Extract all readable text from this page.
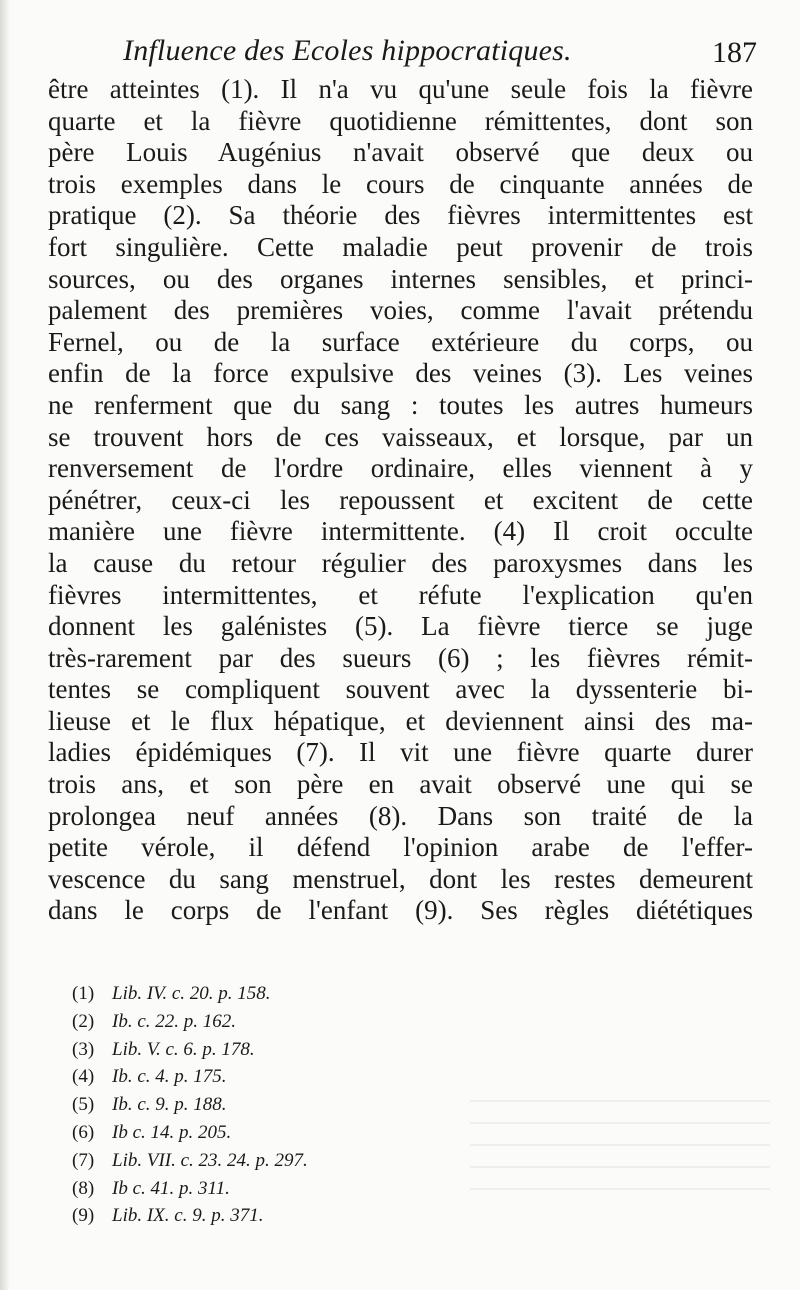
Influence des Ecoles hippocratiques.	187
être atteintes (1). Il n'a vu qu'une seule fois la fièvre
quarte et la fièvre quotidienne rémittentes, dont son
père Louis Augénius n'avait observé que deux ou
trois exemples dans le cours de cinquante années de
pratique (2). Sa théorie des fièvres intermittentes est
fort singulière. Cette maladie peut provenir de trois
sources, ou des organes internes sensibles, et princi-
palement des premières voies, comme l'avait prétendu
Fernel, ou de la surface extérieure du corps, ou
enfin de la force expulsive des veines (3). Les veines
ne renferment que du sang : toutes les autres humeurs
se trouvent hors de ces vaisseaux, et lorsque, par un
renversement de l'ordre ordinaire, elles viennent à y
pénétrer, ceux-ci les repoussent et excitent de cette
manière une fièvre intermittente. (4) Il croit occulte
la cause du retour régulier des paroxysmes dans les
fièvres intermittentes, et réfute l'explication qu'en
donnent les galénistes (5). La fièvre tierce se juge
très-rarement par des sueurs (6) ; les fièvres rémit-
tentes se compliquent souvent avec la dyssenterie bi-
lieuse et le flux hépatique, et deviennent ainsi des ma-
ladies épidémiques (7). Il vit une fièvre quarte durer
trois ans, et son père en avait observé une qui se
prolongea neuf années (8). Dans son traité de la
petite vérole, il défend l'opinion arabe de l'effer-
vescence du sang menstruel, dont les restes demeurent
dans le corps de l'enfant (9). Ses règles diététiques
(1) Lib. IV. c. 20. p. 158.
(2) Ib. c. 22. p. 162.
(3) Lib. V. c. 6. p. 178.
(4) Ib. c. 4. p. 175.
(5) Ib. c. 9. p. 188.
(6) Ib c. 14. p. 205.
(7) Lib. VII. c. 23. 24. p. 297.
(8) Ib c. 41. p. 311.
(9) Lib. IX. c. 9. p. 371.
